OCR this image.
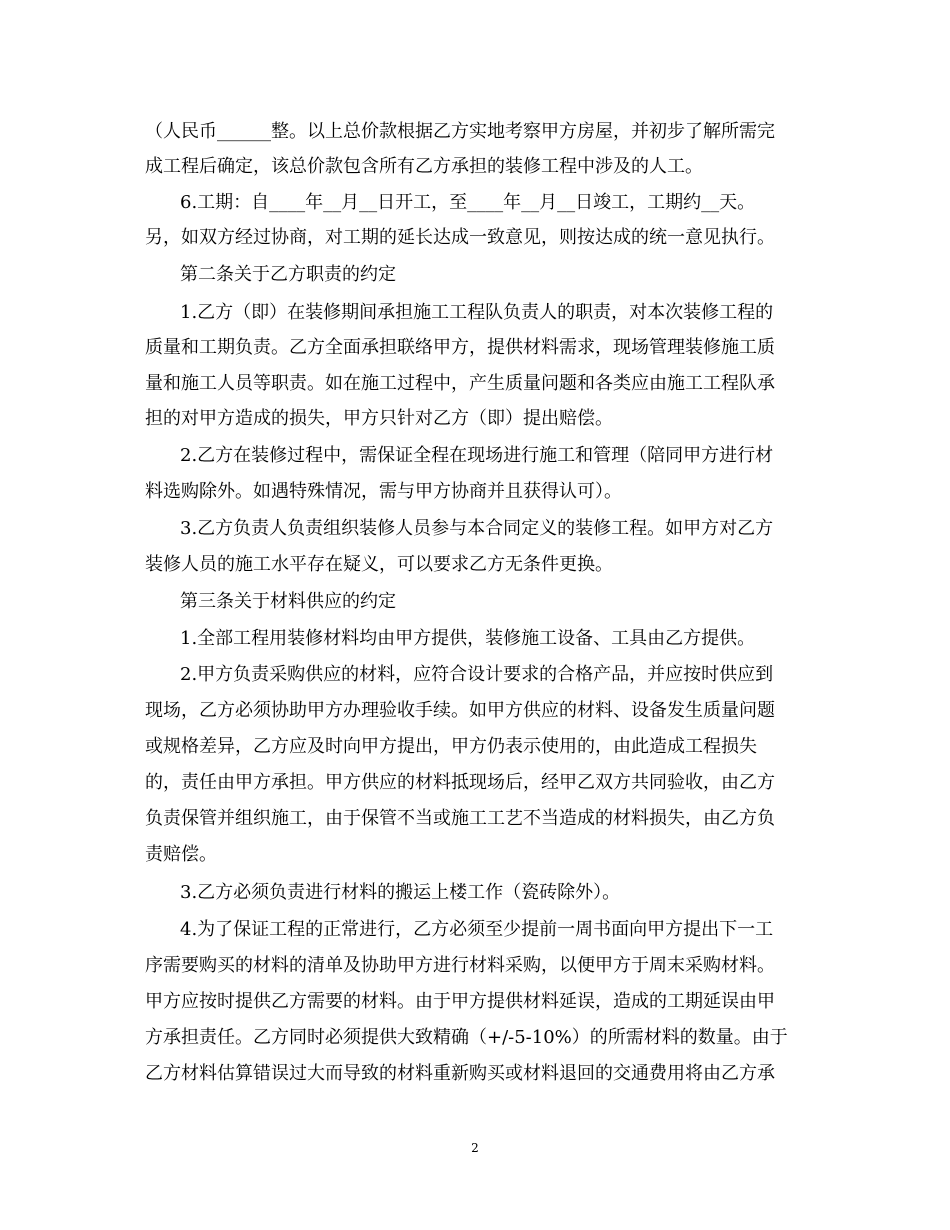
（人民币______整。以上总价款根据乙方实地考察甲方房屋，并初步了解所需完

成工程后确定，该总价款包含所有乙方承担的装修工程中涉及的人工。

6.工期：自____年__月__日开工，至____年__月__日竣工，工期约__天。

另，如双方经过协商，对工期的延长达成一致意见，则按达成的统一意见执行。

第二条关于乙方职责的约定

1.乙方（即）在装修期间承担施工工程队负责人的职责，对本次装修工程的

质量和工期负责。乙方全面承担联络甲方，提供材料需求，现场管理装修施工质

量和施工人员等职责。如在施工过程中，产生质量问题和各类应由施工工程队承

担的对甲方造成的损失，甲方只针对乙方（即）提出赔偿。

2.乙方在装修过程中，需保证全程在现场进行施工和管理（陪同甲方进行材

料选购除外。如遇特殊情况，需与甲方协商并且获得认可）。

3.乙方负责人负责组织装修人员参与本合同定义的装修工程。如甲方对乙方

装修人员的施工水平存在疑义，可以要求乙方无条件更换。

第三条关于材料供应的约定

1.全部工程用装修材料均由甲方提供，装修施工设备、工具由乙方提供。

2.甲方负责采购供应的材料，应符合设计要求的合格产品，并应按时供应到

现场，乙方必须协助甲方办理验收手续。如甲方供应的材料、设备发生质量问题

或规格差异，乙方应及时向甲方提出，甲方仍表示使用的，由此造成工程损失

的，责任由甲方承担。甲方供应的材料抵现场后，经甲乙双方共同验收，由乙方

负责保管并组织施工，由于保管不当或施工工艺不当造成的材料损失，由乙方负

责赔偿。

3.乙方必须负责进行材料的搬运上楼工作（瓷砖除外）。

4.为了保证工程的正常进行，乙方必须至少提前一周书面向甲方提出下一工

序需要购买的材料的清单及协助甲方进行材料采购，以便甲方于周末采购材料。

甲方应按时提供乙方需要的材料。由于甲方提供材料延误，造成的工期延误由甲

方承担责任。乙方同时必须提供大致精确（+/-5-10%）的所需材料的数量。由于

乙方材料估算错误过大而导致的材料重新购买或材料退回的交通费用将由乙方承

2
